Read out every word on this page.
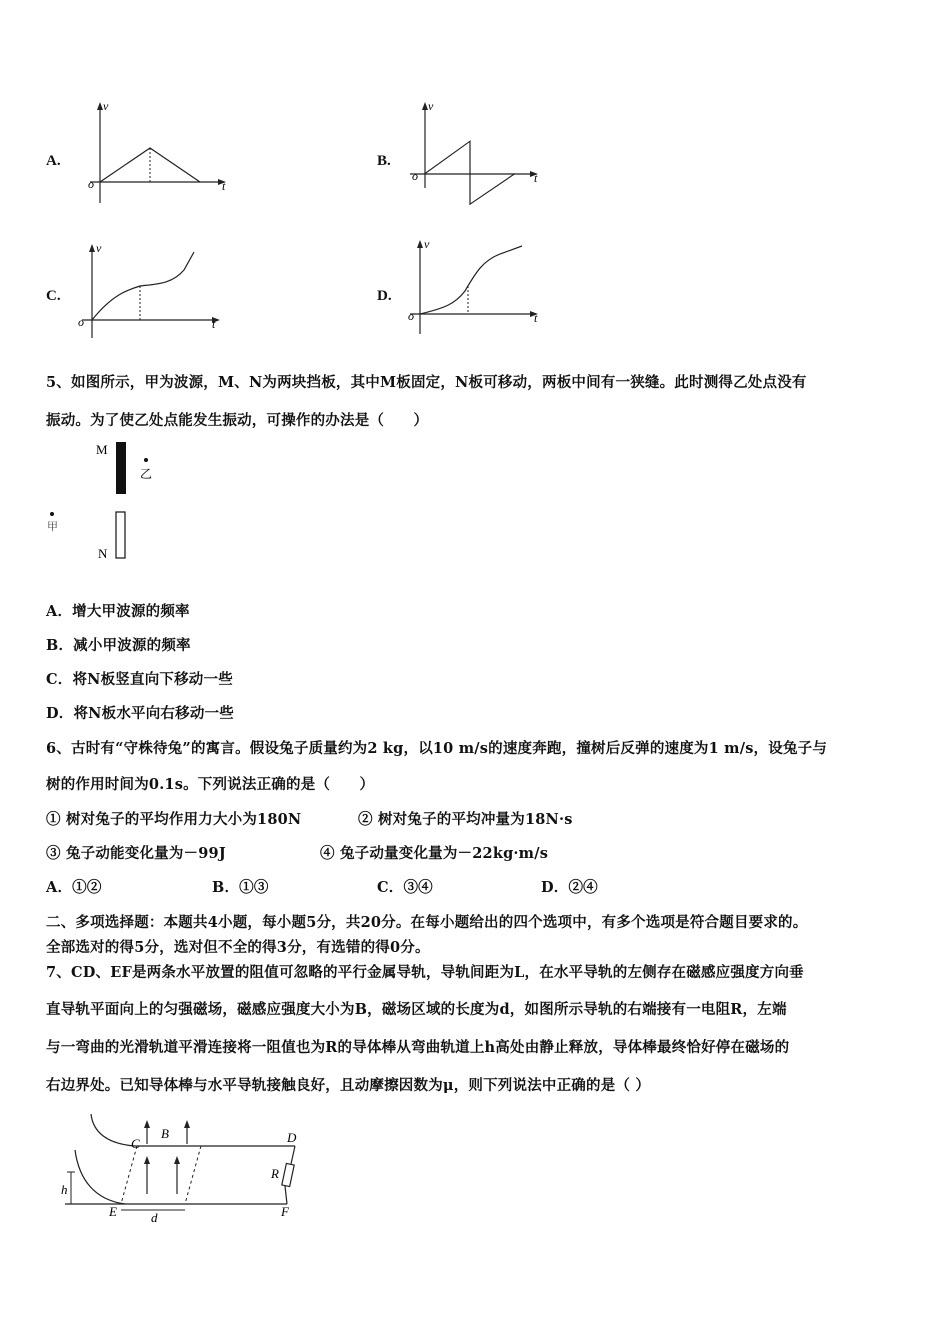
A.
v
o	t
B.
v
o	t
C.
v
o	t
D.
v
o	t
5、如图所示，甲为波源，M、N为两块挡板，其中M板固定，N板可移动，两板中间有一狭缝。此时测得乙处点没有
振动。为了使乙处点能发生振动，可操作的办法是（　　）
M
乙
甲
N
A．增大甲波源的频率
B．减小甲波源的频率
C．将N板竖直向下移动一些
D．将N板水平向右移动一些
6、古时有“守株待兔”的寓言。假设兔子质量约为2 kg，以10 m/s的速度奔跑，撞树后反弹的速度为1 m/s，设兔子与
树的作用时间为0.1s。下列说法正确的是（　　）
① 树对兔子的平均作用力大小为180N	② 树对兔子的平均冲量为18N·s
③ 兔子动能变化量为－99J	④ 兔子动量变化量为－22kg·m/s
A．①②	B．①③	C．③④	D．②④
二、多项选择题：本题共4小题，每小题5分，共20分。在每小题给出的四个选项中，有多个选项是符合题目要求的。
全部选对的得5分，选对但不全的得3分，有选错的得0分。
7、CD、EF是两条水平放置的阻值可忽略的平行金属导轨，导轨间距为L，在水平导轨的左侧存在磁感应强度方向垂
直导轨平面向上的匀强磁场，磁感应强度大小为B，磁场区域的长度为d，如图所示导轨的右端接有一电阻R，左端
与一弯曲的光滑轨道平滑连接将一阻值也为R的导体棒从弯曲轨道上h高处由静止释放，导体棒最终恰好停在磁场的
右边界处。已知导体棒与水平导轨接触良好，且动摩擦因数为μ，则下列说法中正确的是（ ）
h
B
d
C	D
E	F
R
